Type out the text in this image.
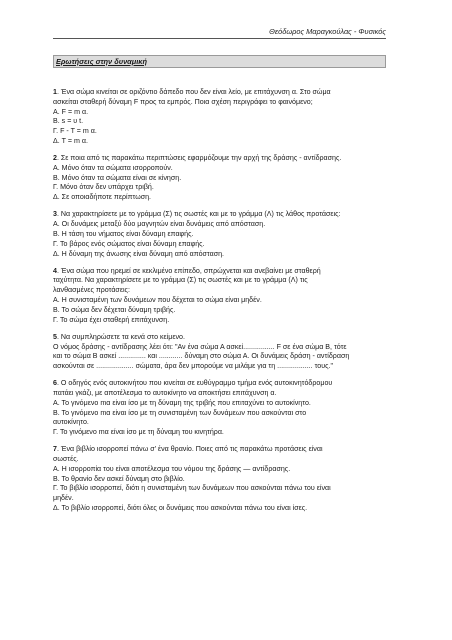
Θεόδωρος Μαραγκούλας - Φυσικός
Ερωτήσεις στην δυναμική

1. Ένα σώμα κινείται σε οριζόντιο δάπεδο που δεν είναι λείο, με επιτάχυνση α. Στο σώμα

ασκείται σταθερή δύναμη F προς τα εμπρός. Ποια σχέση περιγράφει το φαινόμενο;

Α. F = m α.

Β. s = υ t.

Γ. F - T = m α.

Δ. T = m α.

2. Σε ποια από τις παρακάτω περιπτώσεις εφαρμόζουμε την αρχή της δράσης - αντίδρασης.

Α. Μόνο όταν τα σώματα ισορροπούν.

Β. Μόνο όταν τα σώματα είναι σε κίνηση.

Γ. Μόνο όταν δεν υπάρχει τριβή.

Δ. Σε οποιαδήποτε περίπτωση.

3. Να χαρακτηρίσετε με το γράμμα (Σ) τις σωστές και με το γράμμα (Λ) τις λάθος προτάσεις:

Α. Οι δυνάμεις μεταξύ δύο μαγνητών είναι δυνάμεις από απόσταση.

Β. Η τάση του νήματος είναι δύναμη επαφής.

Γ. Το βάρος ενός σώματος είναι δύναμη επαφής.

Δ. Η δύναμη της άνωσης είναι δύναμη από απόσταση.

4. Ένα σώμα που ηρεμεί σε κεκλιμένο επίπεδο, σπρώχνεται και ανεβαίνει με σταθερή

ταχύτητα. Να χαρακτηρίσετε με το γράμμα (Σ) τις σωστές και με το γράμμα (Λ) τις

λανθασμένες προτάσεις:

Α. Η συνισταμένη των δυνάμεων που δέχεται το σώμα είναι μηδέν.

Β. Το σώμα δεν δέχεται δύναμη τριβής.

Γ. Το σώμα έχει σταθερή επιτάχυνση.

5. Να συμπληρώσετε τα κενά στο κείμενο.

Ο νόμος δράσης - αντίδρασης λέει ότι: "Αν ένα σώμα Α ασκεί................ F σε ένα σώμα Β, τότε

και το σώμα Β ασκεί .............. και ............ δύναμη στο σώμα Α. Οι δυνάμεις δράση - αντίδραση

ασκούνται σε ................... σώματα, άρα δεν μπορούμε να μιλάμε για τη .................. τους."

6. Ο οδηγός ενός αυτοκινήτου που κινείται σε ευθύγραμμο τμήμα ενός αυτοκινητόδρομου

πατάει γκάζι, με αποτέλεσμα το αυτοκίνητο να αποκτήσει επιτάχυνση α.

Α. Το γινόμενο mα είναι ίσο με τη δύναμη της τριβής που επιταχύνει το αυτοκίνητο.

Β. Το γινόμενο mα είναι ίσο με τη συνισταμένη των δυνάμεων που ασκούνται στο

αυτοκίνητο.

Γ. Το γινόμενο mα είναι ίσο με τη δύναμη του κινητήρα.

7. Ένα βιβλίο ισορροπεί πάνω σ' ένα θρανίο. Ποιες από τις παρακάτω προτάσεις είναι

σωστές.

Α. Η ισορροπία του είναι αποτέλεσμα του νόμου της δράσης — αντίδρασης.

Β. Το θρανίο δεν ασκεί δύναμη στο βιβλίο.

Γ. Το βιβλίο ισορροπεί, διότι η συνισταμένη των δυνάμεων που ασκούνται πάνω του είναι

μηδέν.

Δ. Το βιβλίο ισορροπεί, διότι όλες οι δυνάμεις που ασκούνται πάνω του είναι ίσες.
